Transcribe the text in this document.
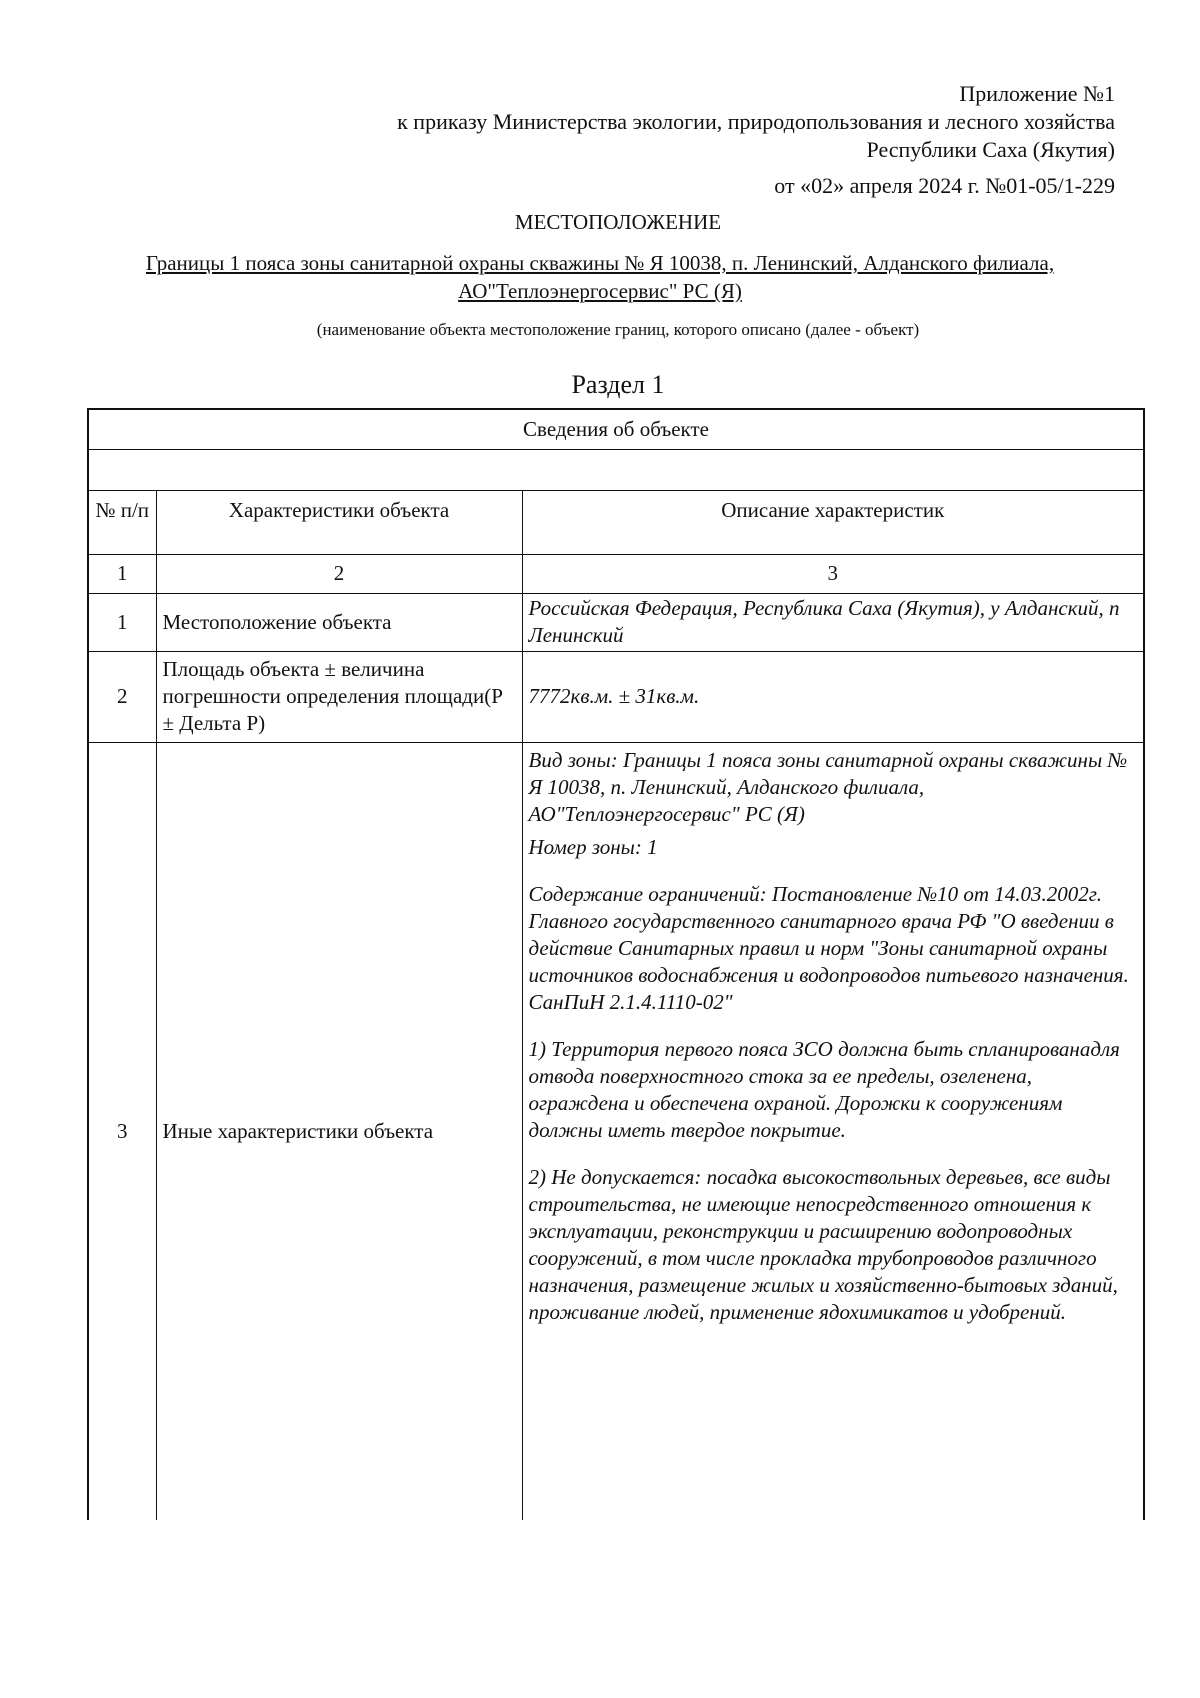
Приложение №1
к приказу Министерства экологии, природопользования и лесного хозяйства
Республики Саха (Якутия)
от «02» апреля 2024 г. №01-05/1-229
МЕСТОПОЛОЖЕНИЕ
Границы 1 пояса зоны санитарной охраны скважины № Я 10038, п. Ленинский, Алданского филиала,
АО"Теплоэнергосервис" РС (Я)
(наименование объекта местоположение границ, которого описано (далее - объект)
Раздел 1
Сведения об объекте		

№ п/п	Характеристики объекта	Описание характеристик
1	2	3
1	Местоположение объекта	Российская Федерация, Республика Саха (Якутия), у Алданский, п Ленинский
2	Площадь объекта ± величина погрешности определения площади(P ± Дельта P)	7772кв.м. ± 31кв.м.
3	Иные характеристики объекта	Вид зоны: Границы 1 пояса зоны санитарной охраны скважины № Я 10038, п. Ленинский, Алданского филиала, АО"Теплоэнергосервис" РС (Я)

Номер зоны: 1

Содержание ограничений: Постановление №10 от 14.03.2002г. Главного государственного санитарного врача РФ "О введении в действие Санитарных правил и норм "Зоны санитарной охраны источников водоснабжения и водопроводов питьевого назначения. СанПиН 2.1.4.1110-02"

1) Территория первого пояса ЗСО должна быть спланированадля отвода поверхностного стока за ее пределы, озеленена, ограждена и обеспечена охраной. Дорожки к сооружениям должны иметь твердое покрытие.

2) Не допускается: посадка высокоствольных деревьев, все виды строительства, не имеющие непосредственного отношения к эксплуатации, реконструкции и расширению водопроводных сооружений, в том числе прокладка трубопроводов различного назначения, размещение жилых и хозяйственно-бытовых зданий, проживание людей, применение ядохимикатов и удобрений.
